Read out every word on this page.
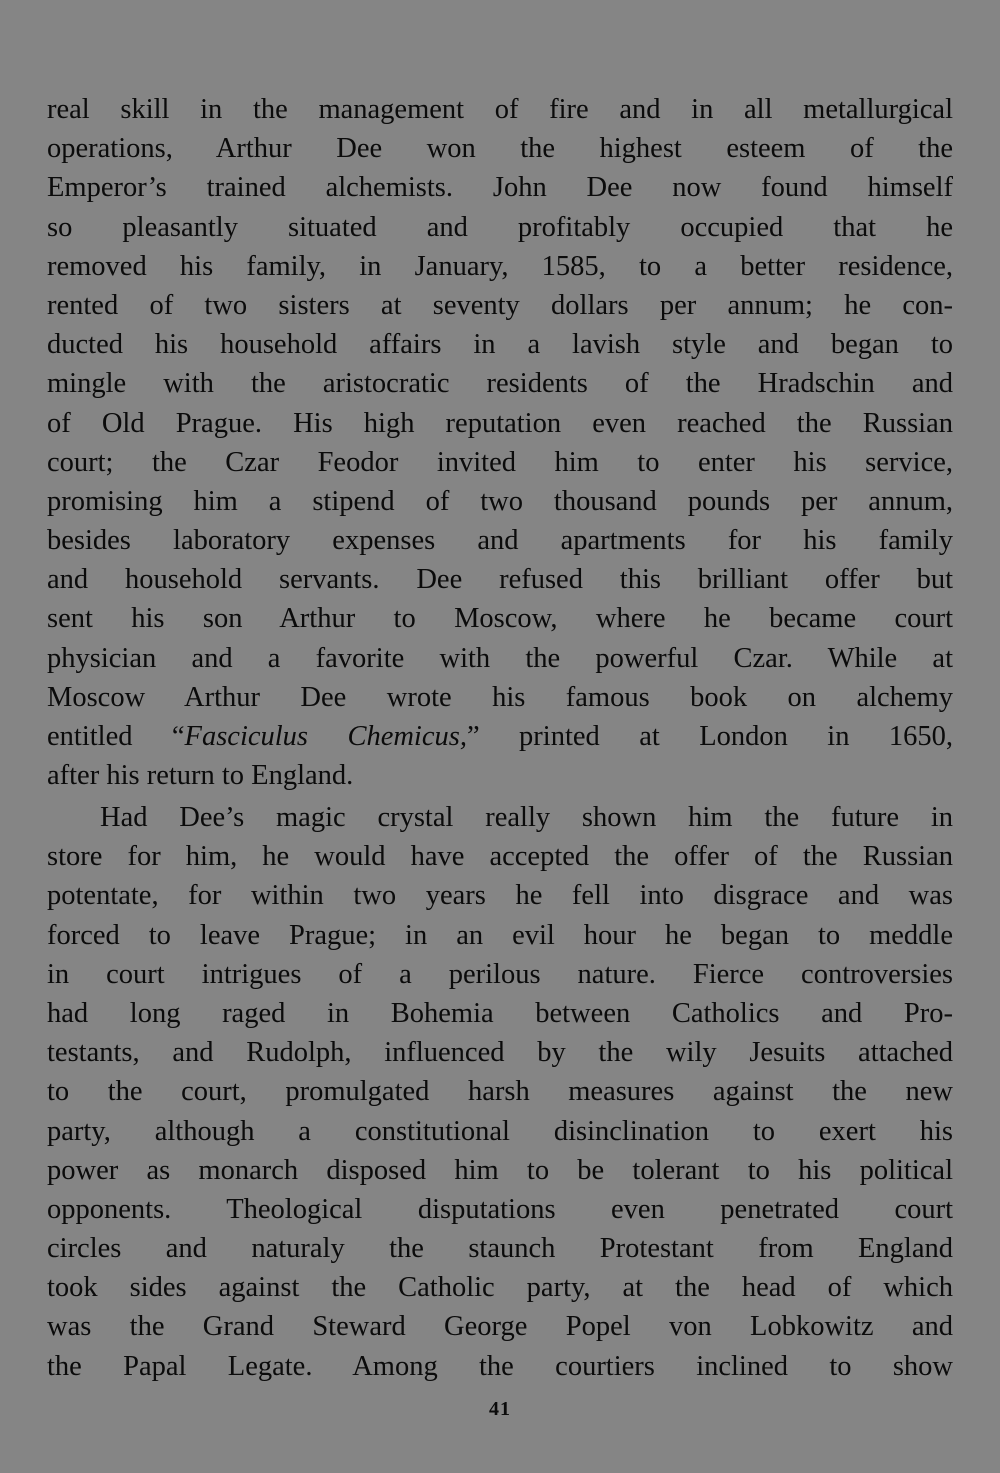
real skill in the management of fire and in all metallurgical
operations, Arthur Dee won the highest esteem of the
Emperor’s trained alchemists. John Dee now found himself
so pleasantly situated and profitably occupied that he
removed his family, in January, 1585, to a better residence,
rented of two sisters at seventy dollars per annum; he con-
ducted his household affairs in a lavish style and began to
mingle with the aristocratic residents of the Hradschin and
of Old Prague. His high reputation even reached the Russian
court; the Czar Feodor invited him to enter his service,
promising him a stipend of two thousand pounds per annum,
besides laboratory expenses and apartments for his family
and household servants. Dee refused this brilliant offer but
sent his son Arthur to Moscow, where he became court
physician and a favorite with the powerful Czar. While at
Moscow Arthur Dee wrote his famous book on alchemy
entitled “Fasciculus Chemicus,” printed at London in 1650,
after his return to England.
Had Dee’s magic crystal really shown him the future in
store for him, he would have accepted the offer of the Russian
potentate, for within two years he fell into disgrace and was
forced to leave Prague; in an evil hour he began to meddle
in court intrigues of a perilous nature. Fierce controversies
had long raged in Bohemia between Catholics and Pro-
testants, and Rudolph, influenced by the wily Jesuits attached
to the court, promulgated harsh measures against the new
party, although a constitutional disinclination to exert his
power as monarch disposed him to be tolerant to his political
opponents. Theological disputations even penetrated court
circles and naturaly the staunch Protestant from England
took sides against the Catholic party, at the head of which
was the Grand Steward George Popel von Lobkowitz and
the Papal Legate. Among the courtiers inclined to show
41
